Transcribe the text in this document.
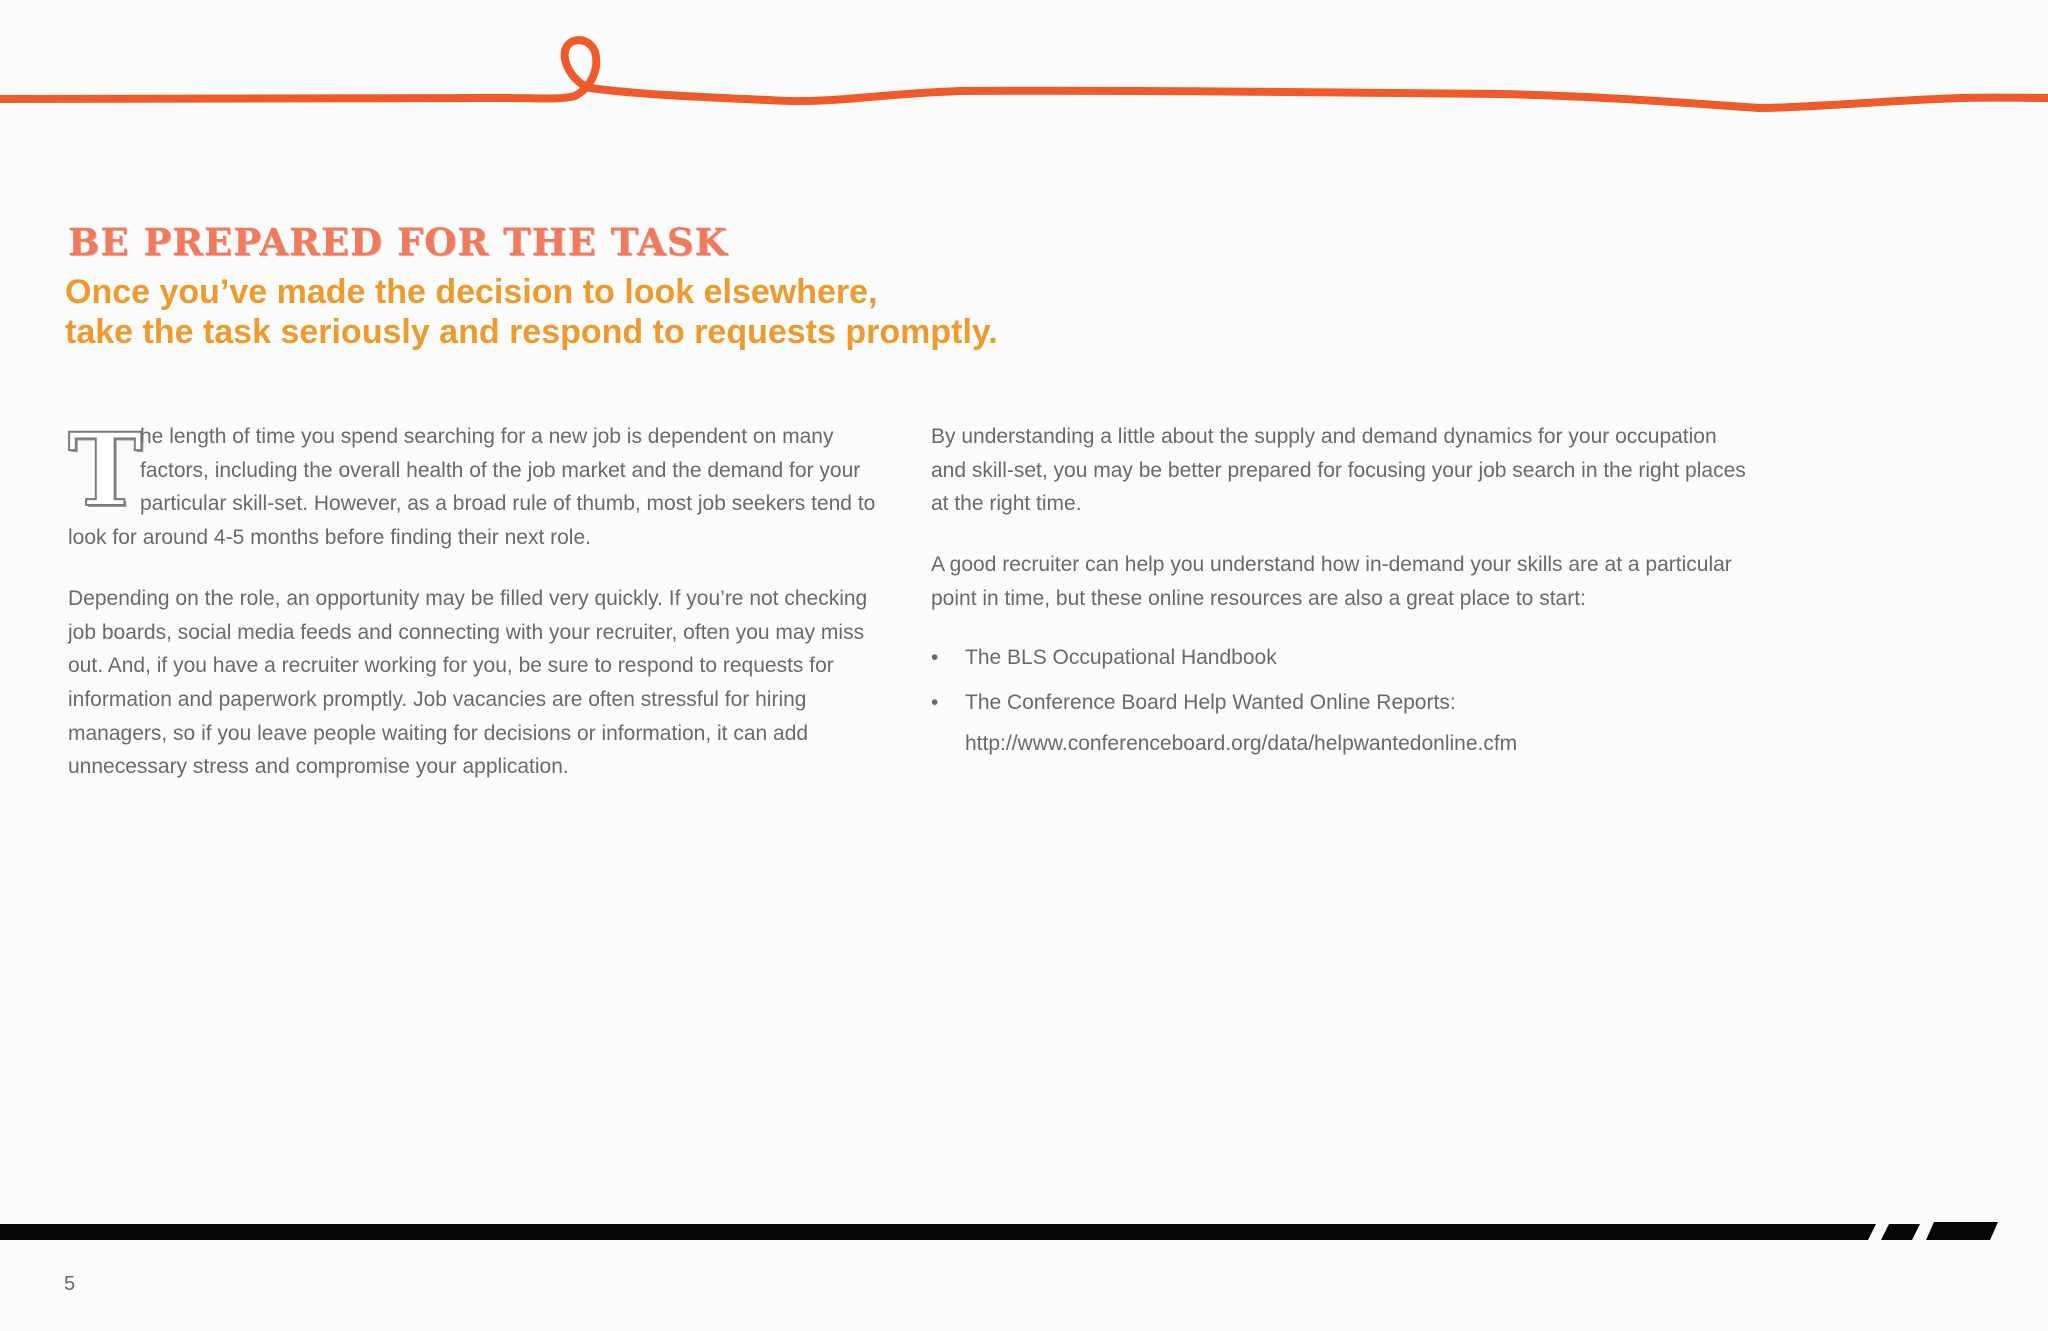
BE PREPARED FOR THE TASK
Once you’ve made the decision to look elsewhere,
take the task seriously and respond to requests promptly.

T
he length of time you spend searching for a new job is dependent on many factors, including the overall health of the job market and the demand for your particular skill-set. However, as a broad rule of thumb, most job seekers tend to look for around 4-5 months before finding their next role.

Depending on the role, an opportunity may be filled very quickly. If you’re not checking job boards, social media feeds and connecting with your recruiter, often you may miss out. And, if you have a recruiter working for you, be sure to respond to requests for information and paperwork promptly. Job vacancies are often stressful for hiring managers, so if you leave people waiting for decisions or information, it can add unnecessary stress and compromise your application.

By understanding a little about the supply and demand dynamics for your occupation and skill-set, you may be better prepared for focusing your job search in the right places at the right time.

A good recruiter can help you understand how in-demand your skills are at a particular point in time, but these online resources are also a great place to start:

• The BLS Occupational Handbook
• The Conference Board Help Wanted Online Reports:
http://www.conferenceboard.org/data/helpwantedonline.cfm
5
